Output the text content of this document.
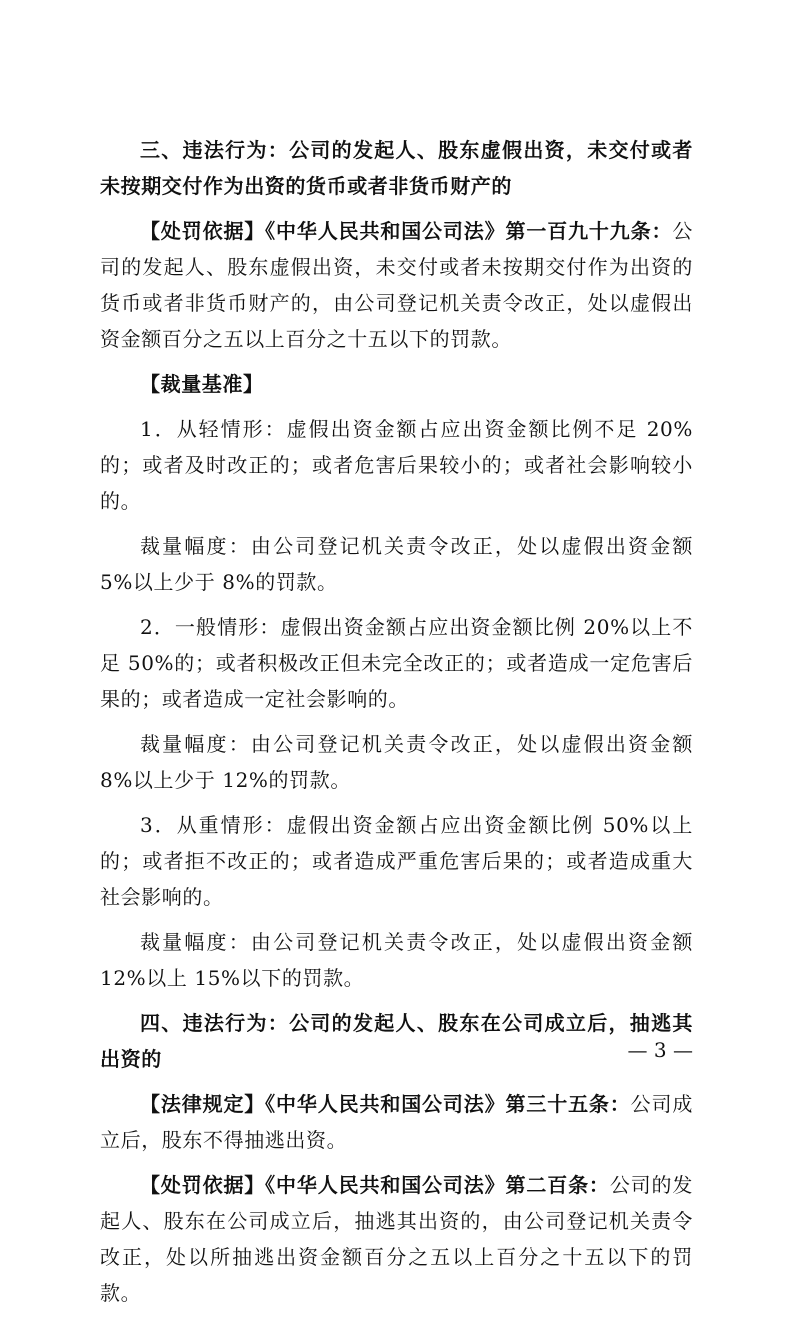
三、违法行为：公司的发起人、股东虚假出资，未交付或者未按期交付作为出资的货币或者非货币财产的

【处罚依据】《中华人民共和国公司法》第一百九十九条：公司的发起人、股东虚假出资，未交付或者未按期交付作为出资的货币或者非货币财产的，由公司登记机关责令改正，处以虚假出资金额百分之五以上百分之十五以下的罚款。

【裁量基准】

1．从轻情形：虚假出资金额占应出资金额比例不足 20%的；或者及时改正的；或者危害后果较小的；或者社会影响较小的。

裁量幅度：由公司登记机关责令改正，处以虚假出资金额 5%以上少于 8%的罚款。

2．一般情形：虚假出资金额占应出资金额比例 20%以上不足 50%的；或者积极改正但未完全改正的；或者造成一定危害后果的；或者造成一定社会影响的。

裁量幅度：由公司登记机关责令改正，处以虚假出资金额 8%以上少于 12%的罚款。

3．从重情形：虚假出资金额占应出资金额比例 50%以上的；或者拒不改正的；或者造成严重危害后果的；或者造成重大社会影响的。

裁量幅度：由公司登记机关责令改正，处以虚假出资金额 12%以上 15%以下的罚款。

四、违法行为：公司的发起人、股东在公司成立后，抽逃其出资的

【法律规定】《中华人民共和国公司法》第三十五条：公司成立后，股东不得抽逃出资。

【处罚依据】《中华人民共和国公司法》第二百条：公司的发起人、股东在公司成立后，抽逃其出资的，由公司登记机关责令改正，处以所抽逃出资金额百分之五以上百分之十五以下的罚款。

— 3 —
